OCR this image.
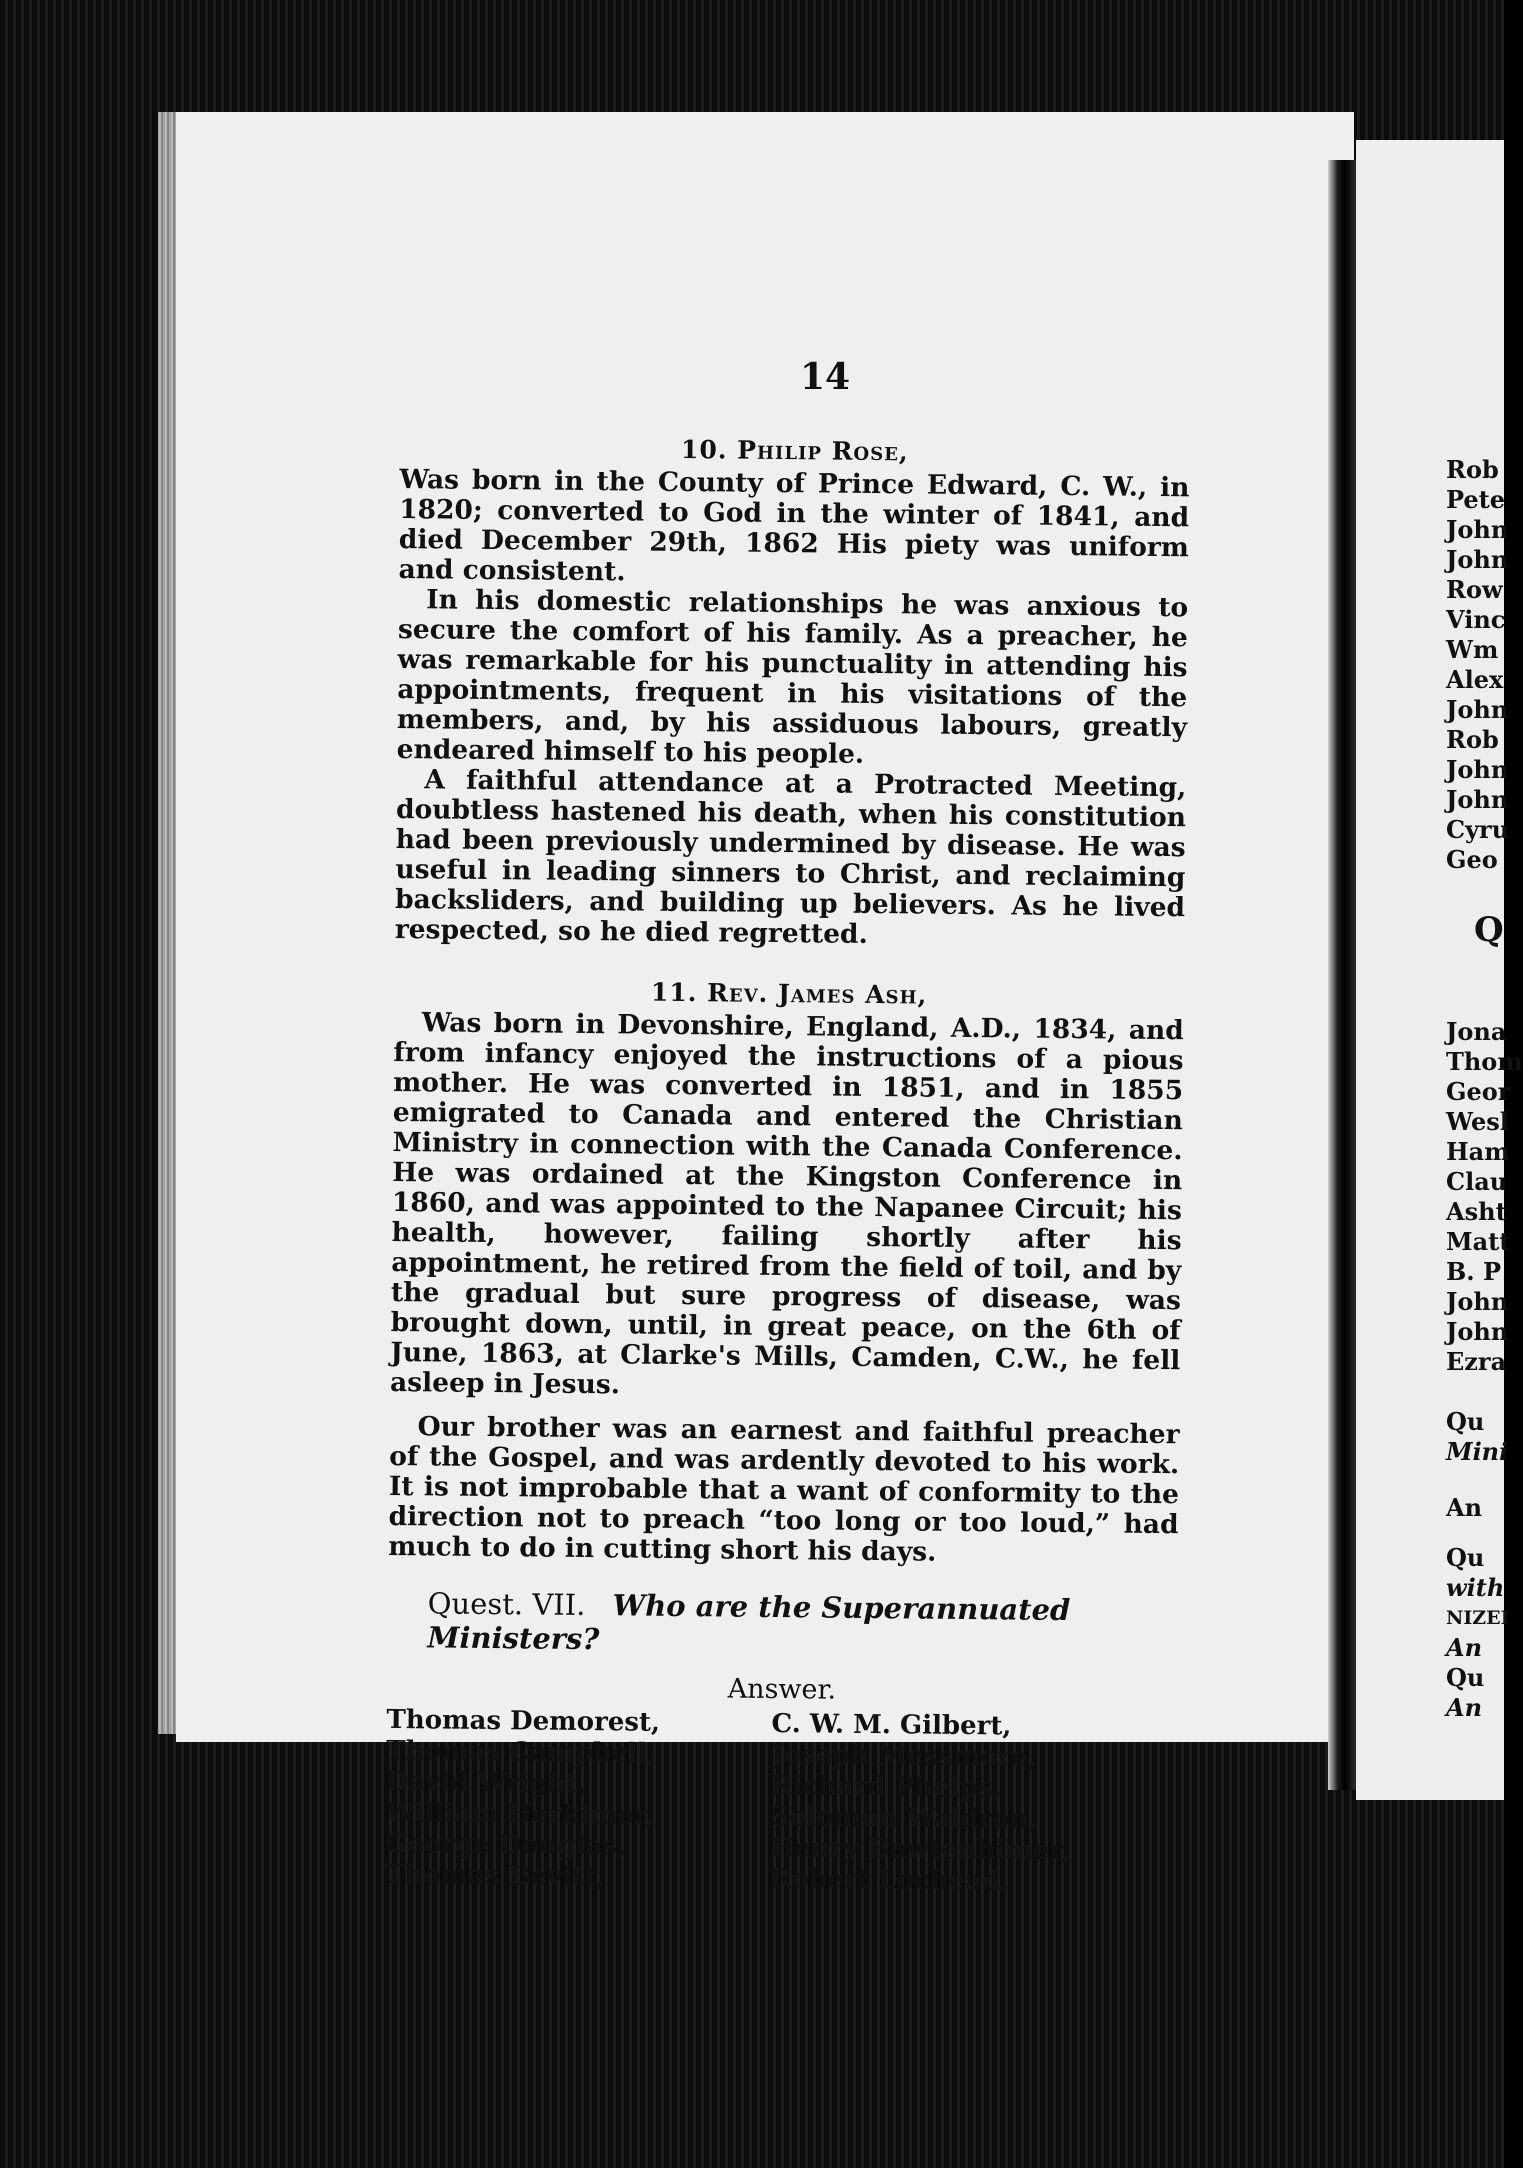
14

10. Philip Rose,

Was born in the County of Prince Edward, C. W., in 1820; converted to God in the winter of 1841, and died December 29th, 1862 His piety was uniform and consistent.

In his domestic relationships he was anxious to secure the comfort of his family. As a preacher, he was remarkable for his punctuality in attending his appointments, frequent in his visitations of the members, and, by his assiduous labours, greatly endeared himself to his people.

A faithful attendance at a Protracted Meeting, doubtless hastened his death, when his constitution had been previously undermined by disease. He was useful in leading sinners to Christ, and reclaiming backsliders, and building up believers. As he lived respected, so he died regretted.

11. Rev. James Ash,

Was born in Devonshire, England, A.D., 1834, and from infancy enjoyed the instructions of a pious mother. He was converted in 1851, and in 1855 emigrated to Canada and entered the Christian Ministry in connection with the Canada Conference. He was ordained at the Kingston Conference in 1860, and was appointed to the Napanee Circuit; his health, however, failing shortly after his appointment, he retired from the field of toil, and by the gradual but sure progress of disease, was brought down, until, in great peace, on the 6th of June, 1863, at Clarke's Mills, Camden, C.W., he fell asleep in Jesus.

Our brother was an earnest and faithful preacher of the Gospel, and was ardently devoted to his work. It is not improbable that a want of conformity to the direction not to preach “too long or too loud,” had much to do in cutting short his days.

Quest. VII. Who are the Superannuated Ministers?

Answer.

Thomas Demorest,
Thomas Campbell,
David Wright,
William Herkimer,
George Douglas,
Thomas Bevitt,
C. W. M. Gilbert,
Joseph Messmore,
Richard Phelps,
Solomon Waldron,
Henry Bawtenhimer,
Robert Lochead,

Rob

Pete

John

John

Row

Vinc

Wm

Alex

John

Rob

John

John

Cyru

Geo

Q

Jona

Thom

Geor

Wesl

Ham

Clau

Asht

Matt

B. P

John

John

Ezra

Qu

Mini

An

Qu

with

NIZEI

An

Qu

An
